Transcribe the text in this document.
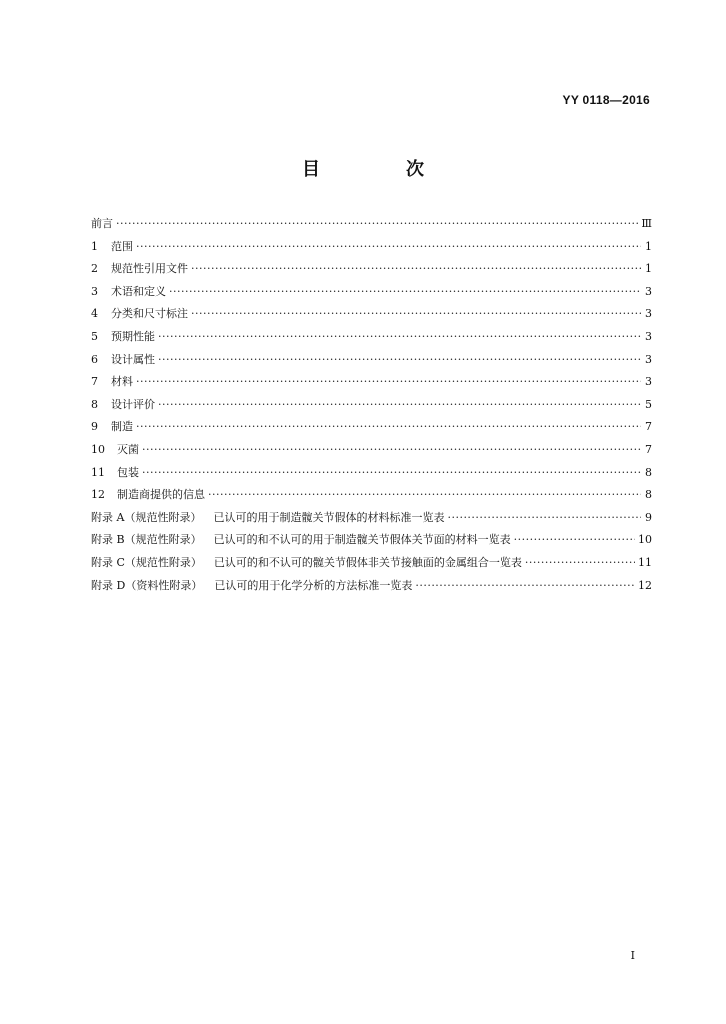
YY 0118—2016
目　次
前言 ·····	Ⅲ
1	范围 ·····	1
2	规范性引用文件 ·····	1
3	术语和定义 ·····	3
4	分类和尺寸标注 ·····	3
5	预期性能 ·····	3
6	设计属性 ·····	3
7	材料 ·····	3
8	设计评价 ·····	5
9	制造 ·····	7
10	灭菌 ·····	7
11	包装 ·····	8
12	制造商提供的信息 ·····	8
附录 A（规范性附录） 已认可的用于制造髋关节假体的材料标准一览表 ·····	9
附录 B（规范性附录） 已认可的和不认可的用于制造髋关节假体关节面的材料一览表 ·····	10
附录 C（规范性附录） 已认可的和不认可的髋关节假体非关节接触面的金属组合一览表 ·····	11
附录 D（资料性附录） 已认可的用于化学分析的方法标准一览表 ·····	12
I
